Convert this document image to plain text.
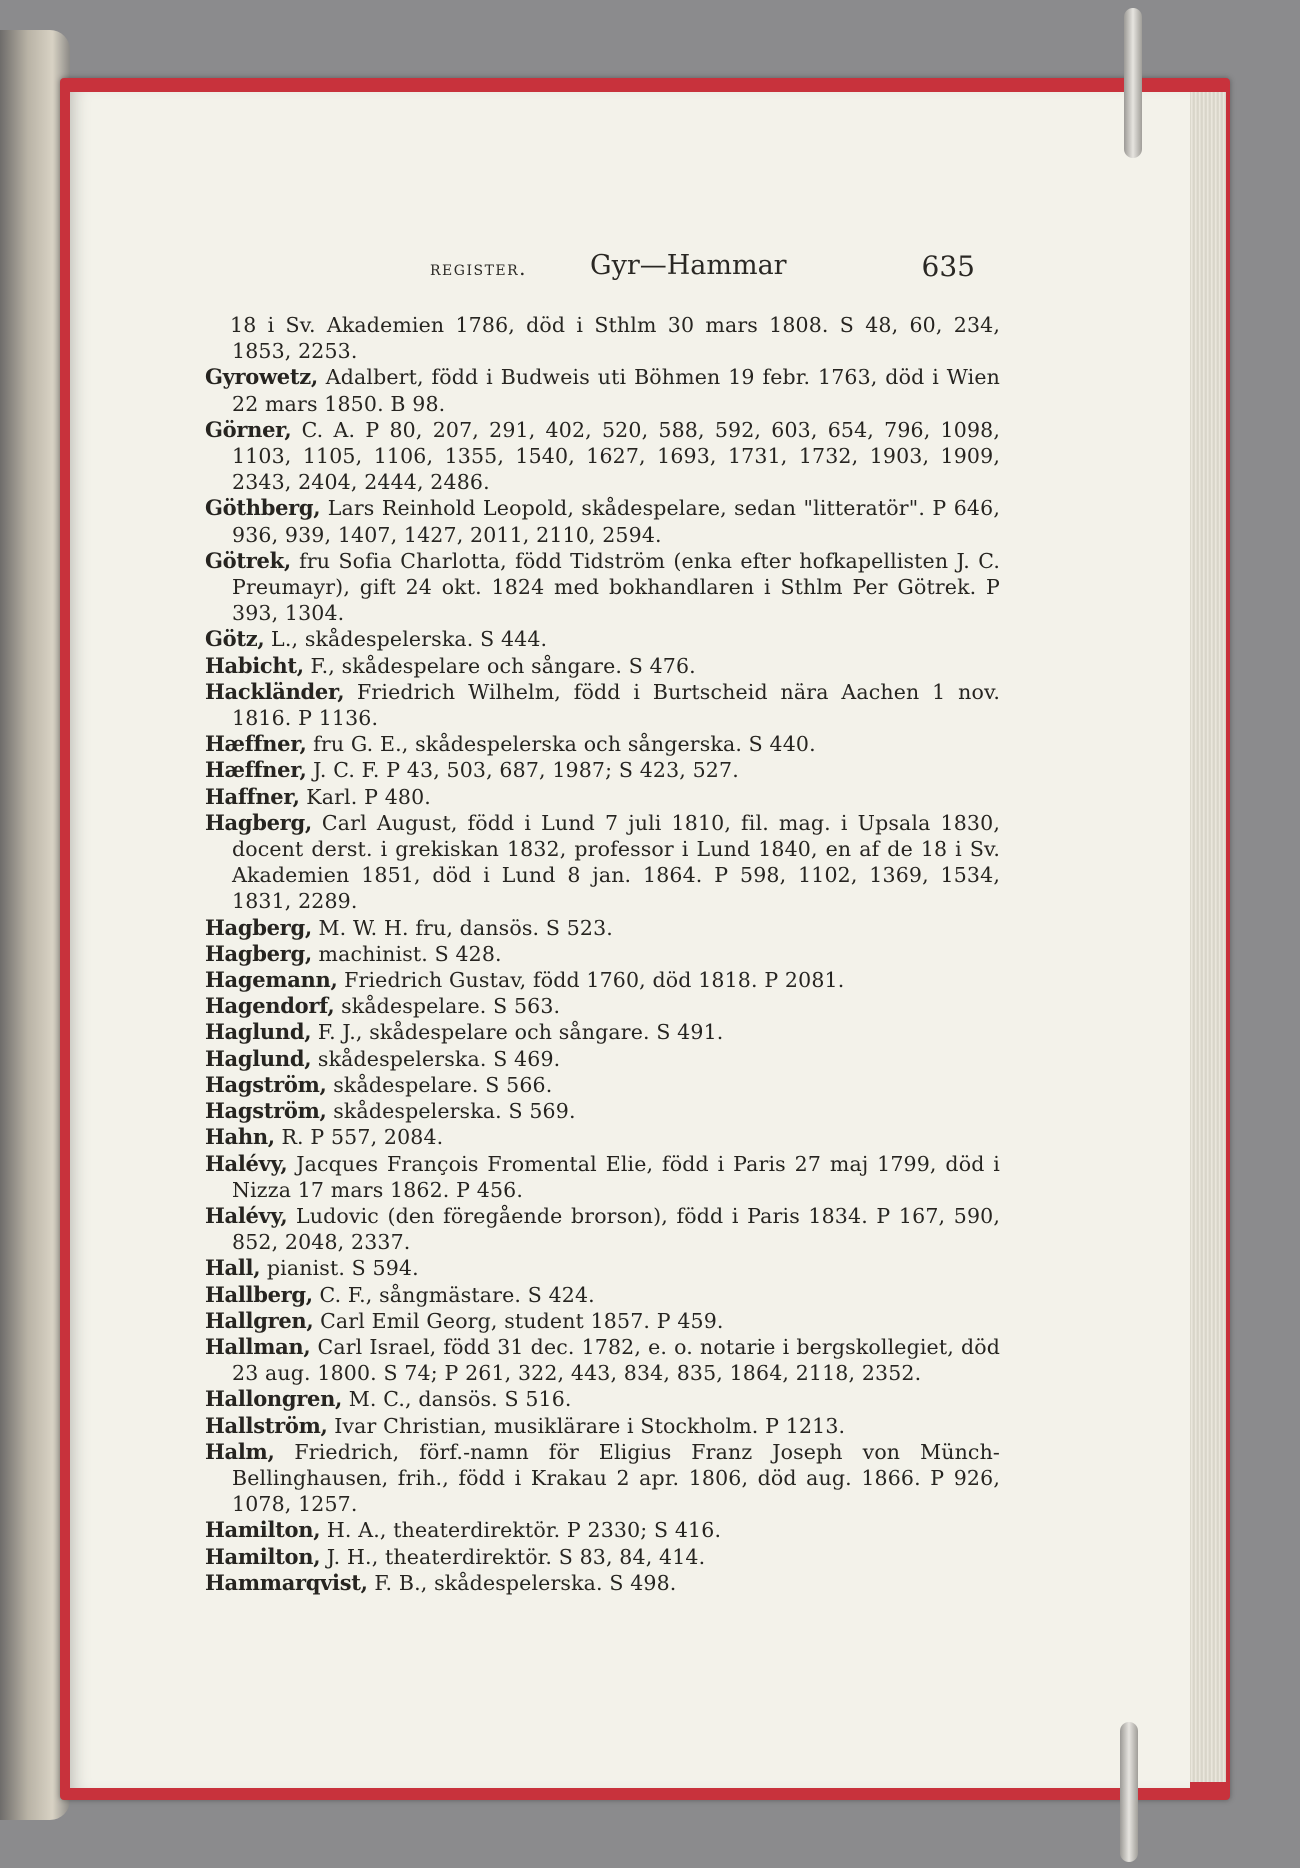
register. Gyr—Hammar	635
18 i Sv. Akademien 1786, död i Sthlm 30 mars 1808. S 48, 60, 234, 1853, 2253.
Gyrowetz, Adalbert, född i Budweis uti Böhmen 19 febr. 1763, död i Wien 22 mars 1850. B 98.
Görner, C. A. P 80, 207, 291, 402, 520, 588, 592, 603, 654, 796, 1098, 1103, 1105, 1106, 1355, 1540, 1627, 1693, 1731, 1732, 1903, 1909, 2343, 2404, 2444, 2486.
Göthberg, Lars Reinhold Leopold, skådespelare, sedan "litteratör". P 646, 936, 939, 1407, 1427, 2011, 2110, 2594.
Götrek, fru Sofia Charlotta, född Tidström (enka efter hofkapellisten J. C. Preumayr), gift 24 okt. 1824 med bokhandlaren i Sthlm Per Götrek. P 393, 1304.
Götz, L., skådespelerska. S 444.
Habicht, F., skådespelare och sångare. S 476.
Hackländer, Friedrich Wilhelm, född i Burtscheid nära Aachen 1 nov. 1816. P 1136.
Hæffner, fru G. E., skådespelerska och sångerska. S 440.
Hæffner, J. C. F. P 43, 503, 687, 1987; S 423, 527.
Haffner, Karl. P 480.
Hagberg, Carl August, född i Lund 7 juli 1810, fil. mag. i Upsala 1830, docent derst. i grekiskan 1832, professor i Lund 1840, en af de 18 i Sv. Akademien 1851, död i Lund 8 jan. 1864. P 598, 1102, 1369, 1534, 1831, 2289.
Hagberg, M. W. H. fru, dansös. S 523.
Hagberg, machinist. S 428.
Hagemann, Friedrich Gustav, född 1760, död 1818. P 2081.
Hagendorf, skådespelare. S 563.
Haglund, F. J., skådespelare och sångare. S 491.
Haglund, skådespelerska. S 469.
Hagström, skådespelare. S 566.
Hagström, skådespelerska. S 569.
Hahn, R. P 557, 2084.
Halévy, Jacques François Fromental Elie, född i Paris 27 maj 1799, död i Nizza 17 mars 1862. P 456.
Halévy, Ludovic (den föregående brorson), född i Paris 1834. P 167, 590, 852, 2048, 2337.
Hall, pianist. S 594.
Hallberg, C. F., sångmästare. S 424.
Hallgren, Carl Emil Georg, student 1857. P 459.
Hallman, Carl Israel, född 31 dec. 1782, e. o. notarie i bergskollegiet, död 23 aug. 1800. S 74; P 261, 322, 443, 834, 835, 1864, 2118, 2352.
Hallongren, M. C., dansös. S 516.
Hallström, Ivar Christian, musiklärare i Stockholm. P 1213.
Halm, Friedrich, förf.-namn för Eligius Franz Joseph von Münch-Bellinghausen, frih., född i Krakau 2 apr. 1806, död aug. 1866. P 926, 1078, 1257.
Hamilton, H. A., theaterdirektör. P 2330; S 416.
Hamilton, J. H., theaterdirektör. S 83, 84, 414.
Hammarqvist, F. B., skådespelerska. S 498.
